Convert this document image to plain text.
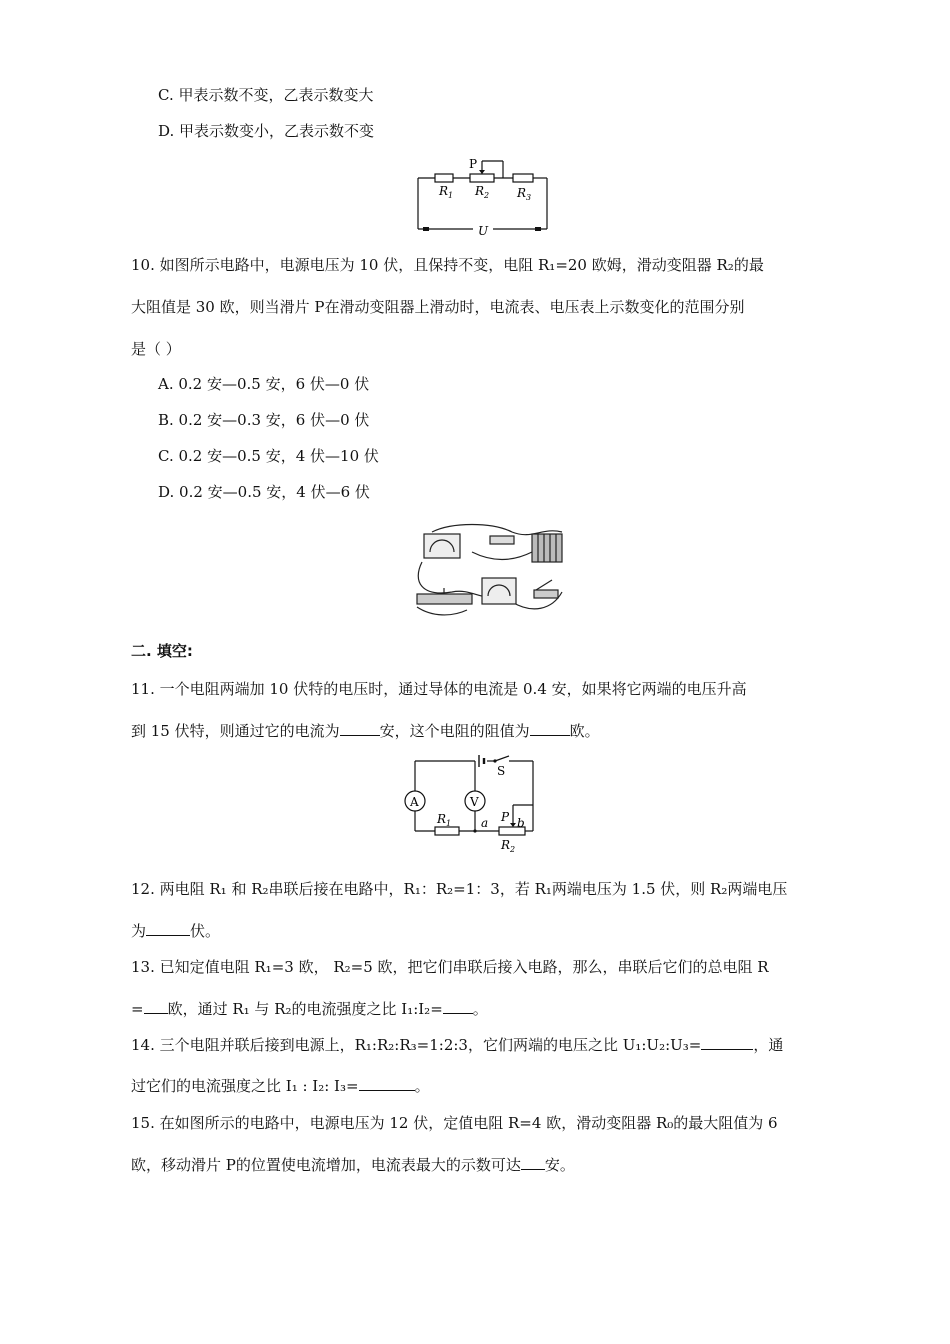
C. 甲表示数不变，乙表示数变大
D. 甲表示数变小，乙表示数不变
P
$R_1$ $R_2$ $R_3$
U
10. 如图所示电路中，电源电压为 10 伏，且保持不变，电阻 R₁=20 欧姆，滑动变阻器 R₂的最
大阻值是 30 欧，则当滑片 P在滑动变阻器上滑动时，电流表、电压表上示数变化的范围分别
是（ ）
A. 0.2 安—0.5 安，6 伏—0 伏
B. 0.2 安—0.3 安，6 伏—0 伏
C. 0.2 安—0.5 安，4 伏—10 伏
D. 0.2 安—0.5 安，4 伏—6 伏
二. 填空:
11. 一个电阻两端加 10 伏特的电压时，通过导体的电流是 0.4 安，如果将它两端的电压升高
到 15 伏特，则通过它的电流为	安，这个电阻的阻值为	欧。
A	V
S
$R_1$ a P b
$R_2$
12. 两电阻 R₁ 和 R₂串联后接在电路中，R₁：R₂=1：3，若 R₁两端电压为 1.5 伏，则 R₂两端电压
为	伏。
13. 已知定值电阻 R₁=3 欧， R₂=5 欧，把它们串联后接入电路，那么，串联后它们的总电阻 R
= 欧，通过 R₁ 与 R₂的电流强度之比 I₁:I₂= 。
14. 三个电阻并联后接到电源上，R₁:R₂:R₃=1:2:3，它们两端的电压之比 U₁:U₂:U₃=	，通
过它们的电流强度之比 I₁ : I₂: I₃=	。
15. 在如图所示的电路中，电源电压为 12 伏，定值电阻 R=4 欧，滑动变阻器 R₀的最大阻值为 6
欧，移动滑片 P的位置使电流增加，电流表最大的示数可达 安。
